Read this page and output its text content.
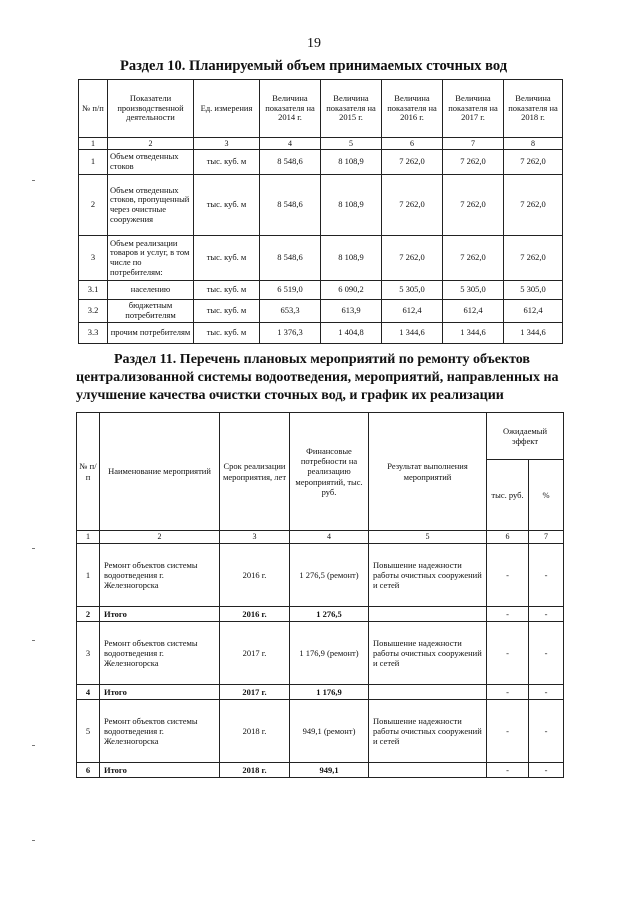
19
Раздел 10. Планируемый объем принимаемых сточных вод
№ п/п	Показатели производственной деятельности	Ед. измерения	Величина показателя на 2014 г.	Величина показателя на 2015 г.	Величина показателя на 2016 г.	Величина показателя на 2017 г.	Величина показателя на 2018 г.
1	2	3	4	5	6	7	8
1	Объем отведенных стоков	тыс. куб. м	8 548,6	8 108,9	7 262,0	7 262,0	7 262,0
2	Объем отведенных стоков, пропущенный через очистные сооружения	тыс. куб. м	8 548,6	8 108,9	7 262,0	7 262,0	7 262,0
3	Объем реализации товаров и услуг, в том числе по потребителям:	тыс. куб. м	8 548,6	8 108,9	7 262,0	7 262,0	7 262,0
3.1	населению	тыс. куб. м	6 519,0	6 090,2	5 305,0	5 305,0	5 305,0
3.2	бюджетным потребителям	тыс. куб. м	653,3	613,9	612,4	612,4	612,4
3.3	прочим потребителям	тыс. куб. м	1 376,3	1 404,8	1 344,6	1 344,6	1 344,6
Раздел 11. Перечень плановых мероприятий по ремонту объектов
централизованной системы водоотведения, мероприятий, направленных на
улучшение качества очистки сточных вод, и график их реализации
№ п/п	Наименование мероприятий	Срок реализации мероприятия, лет	Финансовые потребности на реализацию мероприятий, тыс. руб.	Результат выполнения мероприятий	Ожидаемый эффект	
					тыс. руб.	%
1	2	3	4	5	6	7
1	Ремонт объектов системы водоотведения г. Железногорска	2016 г.	1 276,5 (ремонт)	Повышение надежности работы очистных сооружений и сетей	-	-
2	Итого	2016 г.	1 276,5		-	-
3	Ремонт объектов системы водоотведения г. Железногорска	2017 г.	1 176,9 (ремонт)	Повышение надежности работы очистных сооружений и сетей	-	-
4	Итого	2017 г.	1 176,9		-	-
5	Ремонт объектов системы водоотведения г. Железногорска	2018 г.	949,1 (ремонт)	Повышение надежности работы очистных сооружений и сетей	-	-
6	Итого	2018 г.	949,1		-	-
